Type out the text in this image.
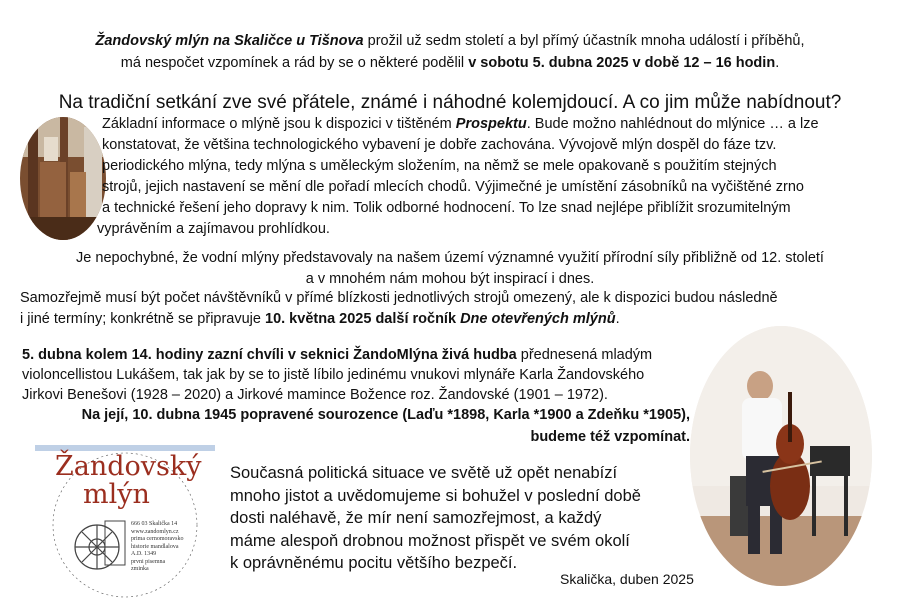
Žandovský mlýn na Skaličce u Tišnova prožil už sedm století a byl přímý účastník mnoha událostí i příběhů,

má nespočet vzpomínek a rád by se o některé podělil v sobotu 5. dubna 2025 v době 12 – 16 hodin.

Na tradiční setkání zve své přátele, známé i náhodné kolemjdoucí. A co jim může nabídnout?
Základní informace o mlýně jsou k dispozici v tištěném Prospektu. Bude možno nahlédnout do mlýnice … a lze
konstatovat, že většina technologického vybavení je dobře zachována. Vývojově mlýn dospěl do fáze tzv.
periodického mlýna, tedy mlýna s uměleckým složením, na němž se mele opakovaně s použitím stejných
strojů, jejich nastavení se mění dle pořadí mlecích chodů. Výjimečné je umístění zásobníků na vyčištěné zrno
a technické řešení jeho dopravy k nim. Tolik odborné hodnocení. To lze snad nejlépe přiblížit srozumitelným
vyprávěním a zajímavou prohlídkou.

Je nepochybné, že vodní mlýny představovaly na našem území významné využití přírodní síly přibližně od 12. století

a v mnohém nám mohou být inspirací i dnes.

Samozřejmě musí být počet návštěvníků v přímé blízkosti jednotlivých strojů omezený, ale k dispozici budou následně

i jiné termíny; konkrétně se připravuje 10. května 2025 další ročník Dne otevřených mlýnů.

5. dubna kolem 14. hodiny zazní chvíli v seknici ŽandoMlýna živá hudba přednesená mladým

violoncellistou Lukášem, tak jak by se to jistě líbilo jedinému vnukovi mlynáře Karla Žandovského

Jirkovi Benešovi (1928 – 2020) a Jirkové mamince Božence roz. Žandovské (1901 – 1972).

Na její, 10. dubna 1945 popravené sourozence (Laďu *1898, Karla *1900 a Zdeňku *1905),

budeme též vzpomínat.

Žandovský
mlýn
666 03 Skalička 14
www.zandomlyn.cz
prima cernomoravsko
historie mandlalova
A.D. 1349
prvni pisemna
zminka

Současná politická situace ve světě už opět nenabízí

mnoho jistot a uvědomujeme si bohužel v poslední době

dosti naléhavě, že mír není samozřejmost, a každý

máme alespoň drobnou možnost přispět ve svém okolí

k oprávněnému pocitu většího bezpečí.

Skalička, duben 2025
